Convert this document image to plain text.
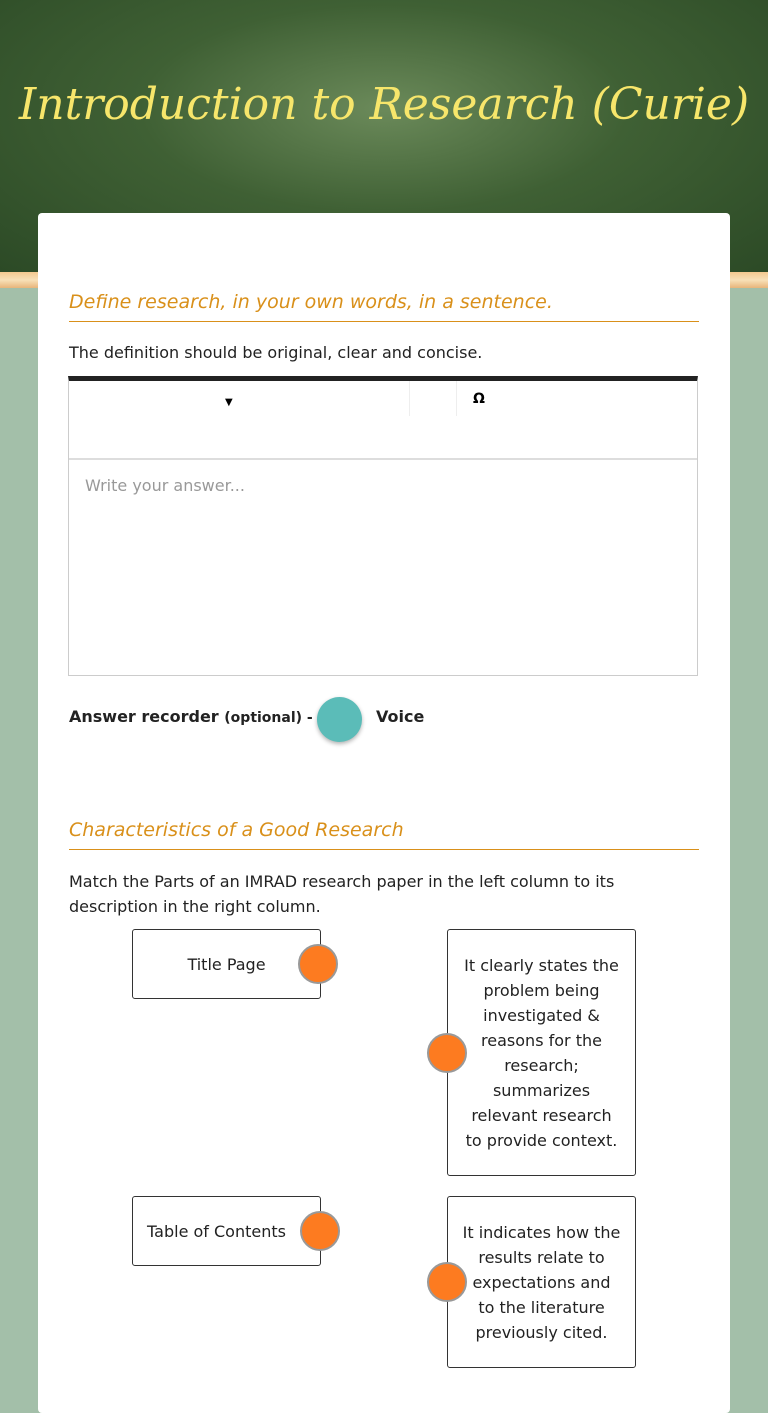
Introduction to Research (Curie)
Define research, in your own words, in a sentence.
The definition should be original, clear and concise.
▼	Ω
Write your answer...
Answer recorder (optional) -	Voice
Characteristics of a Good Research
Match the Parts of an IMRAD research paper in the left column to its description in the right column.
Title Page	It clearly states the problem being investigated & reasons for the research; summarizes relevant research to provide context.
Table of Contents	It indicates how the results relate to expectations and to the literature previously cited.
